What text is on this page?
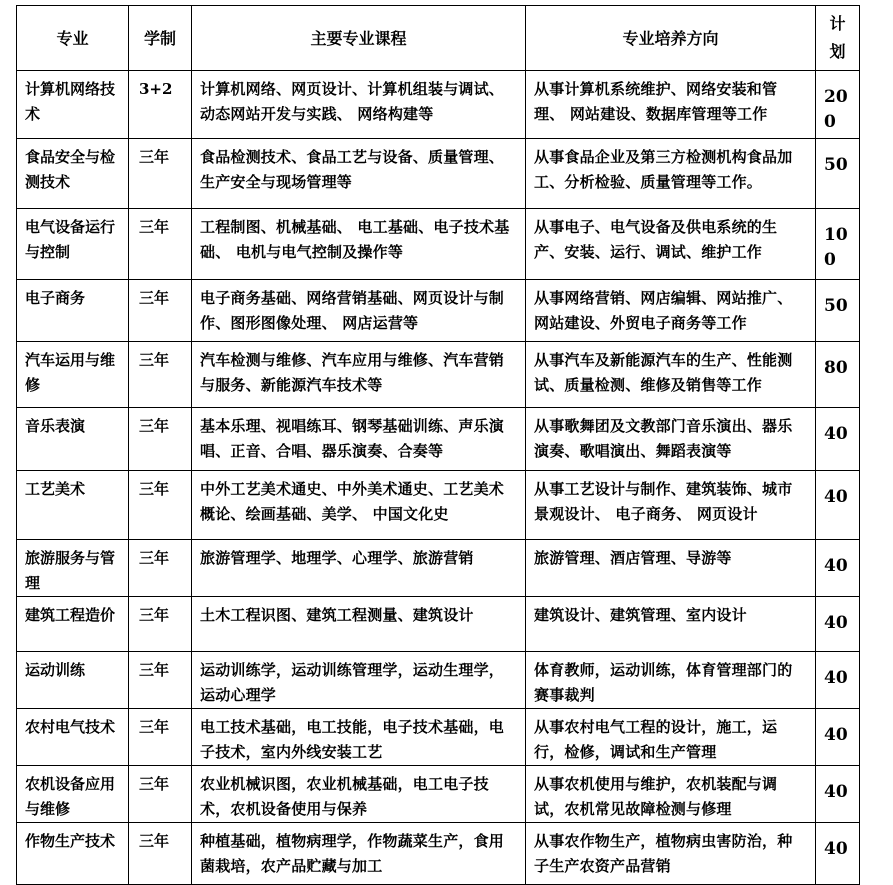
专业	学制	主要专业课程	专业培养方向	计划
计算机网络技术	3+2	计算机网络、网页设计、计算机组装与调试、动态网站开发与实践、 网络构建等	从事计算机系统维护、网络安装和管理、 网站建设、数据库管理等工作	200
食品安全与检测技术	三年	食品检测技术、食品工艺与设备、质量管理、生产安全与现场管理等	从事食品企业及第三方检测机构食品加工、分析检验、质量管理等工作。	50
电气设备运行与控制	三年	工程制图、机械基础、 电工基础、电子技术基础、 电机与电气控制及操作等	从事电子、电气设备及供电系统的生产、安装、运行、调试、维护工作	100
电子商务	三年	电子商务基础、网络营销基础、网页设计与制作、图形图像处理、 网店运营等	从事网络营销、网店编辑、网站推广、网站建设、外贸电子商务等工作	50
汽车运用与维修	三年	汽车检测与维修、汽车应用与维修、汽车营销与服务、新能源汽车技术等	从事汽车及新能源汽车的生产、性能测试、质量检测、维修及销售等工作	80
音乐表演	三年	基本乐理、视唱练耳、钢琴基础训练、声乐演唱、正音、合唱、器乐演奏、合奏等	从事歌舞团及文教部门音乐演出、器乐演奏、歌唱演出、舞蹈表演等	40
工艺美术	三年	中外工艺美术通史、中外美术通史、工艺美术概论、绘画基础、美学、 中国文化史	从事工艺设计与制作、建筑装饰、城市景观设计、 电子商务、 网页设计	40
旅游服务与管理	三年	旅游管理学、地理学、心理学、旅游营销	旅游管理、酒店管理、导游等	40
建筑工程造价	三年	土木工程识图、建筑工程测量、建筑设计	建筑设计、建筑管理、室内设计	40
运动训练	三年	运动训练学，运动训练管理学，运动生理学，运动心理学	体育教师，运动训练，体育管理部门的赛事裁判	40
农村电气技术	三年	电工技术基础，电工技能，电子技术基础，电子技术，室内外线安装工艺	从事农村电气工程的设计，施工，运行，检修，调试和生产管理	40
农机设备应用与维修	三年	农业机械识图，农业机械基础，电工电子技术，农机设备使用与保养	从事农机使用与维护，农机装配与调试，农机常见故障检测与修理	40
作物生产技术	三年	种植基础，植物病理学，作物蔬菜生产，食用菌栽培，农产品贮藏与加工	从事农作物生产，植物病虫害防治，种子生产农资产品营销	40
